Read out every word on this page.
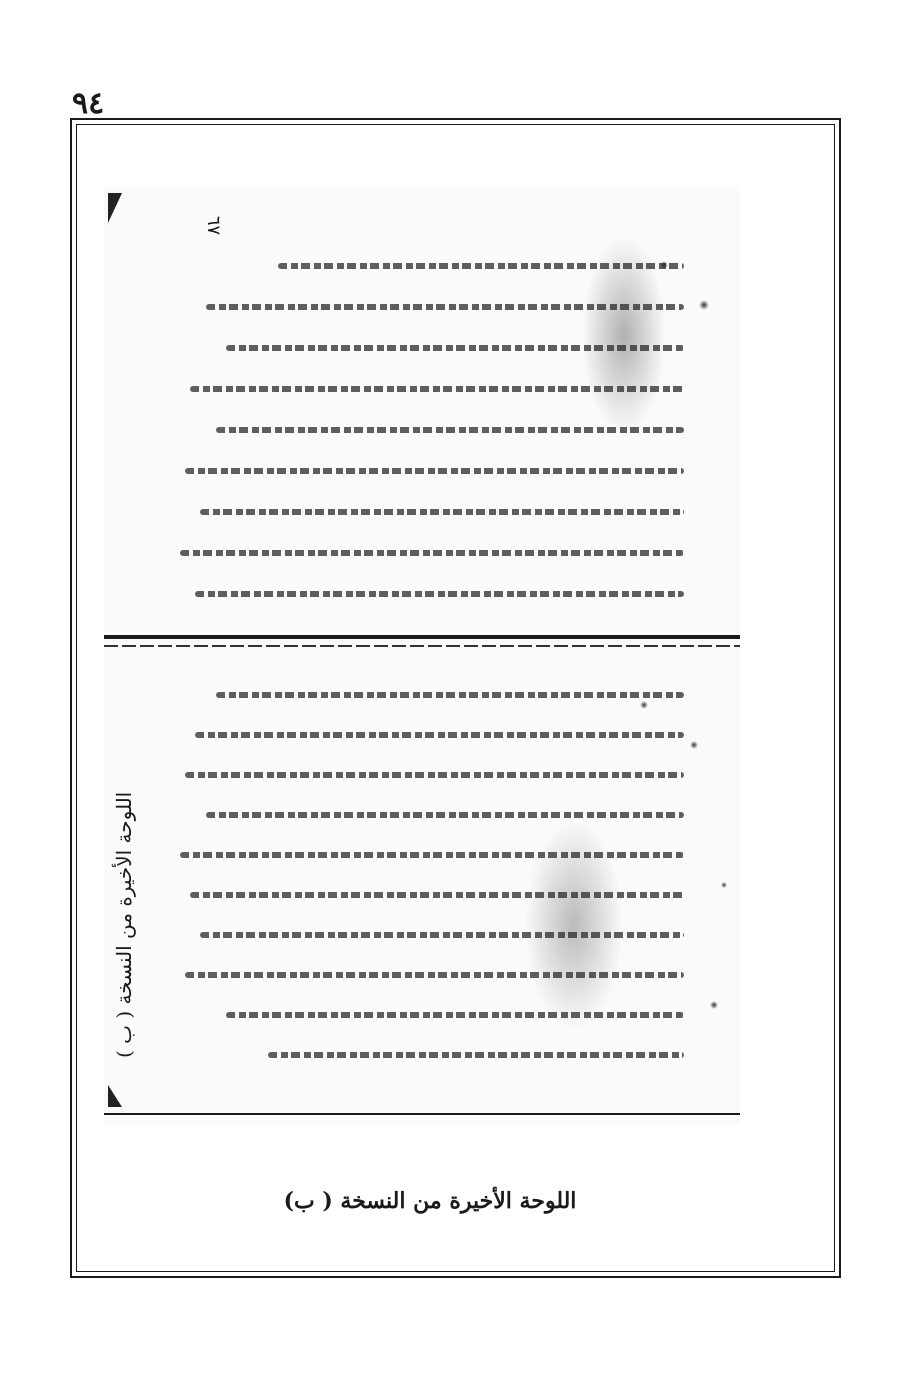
٩٤
٦٧
اللوحة الأخيرة من النسخة ( ب )
اللوحة الأخيرة من النسخة ( ب)
